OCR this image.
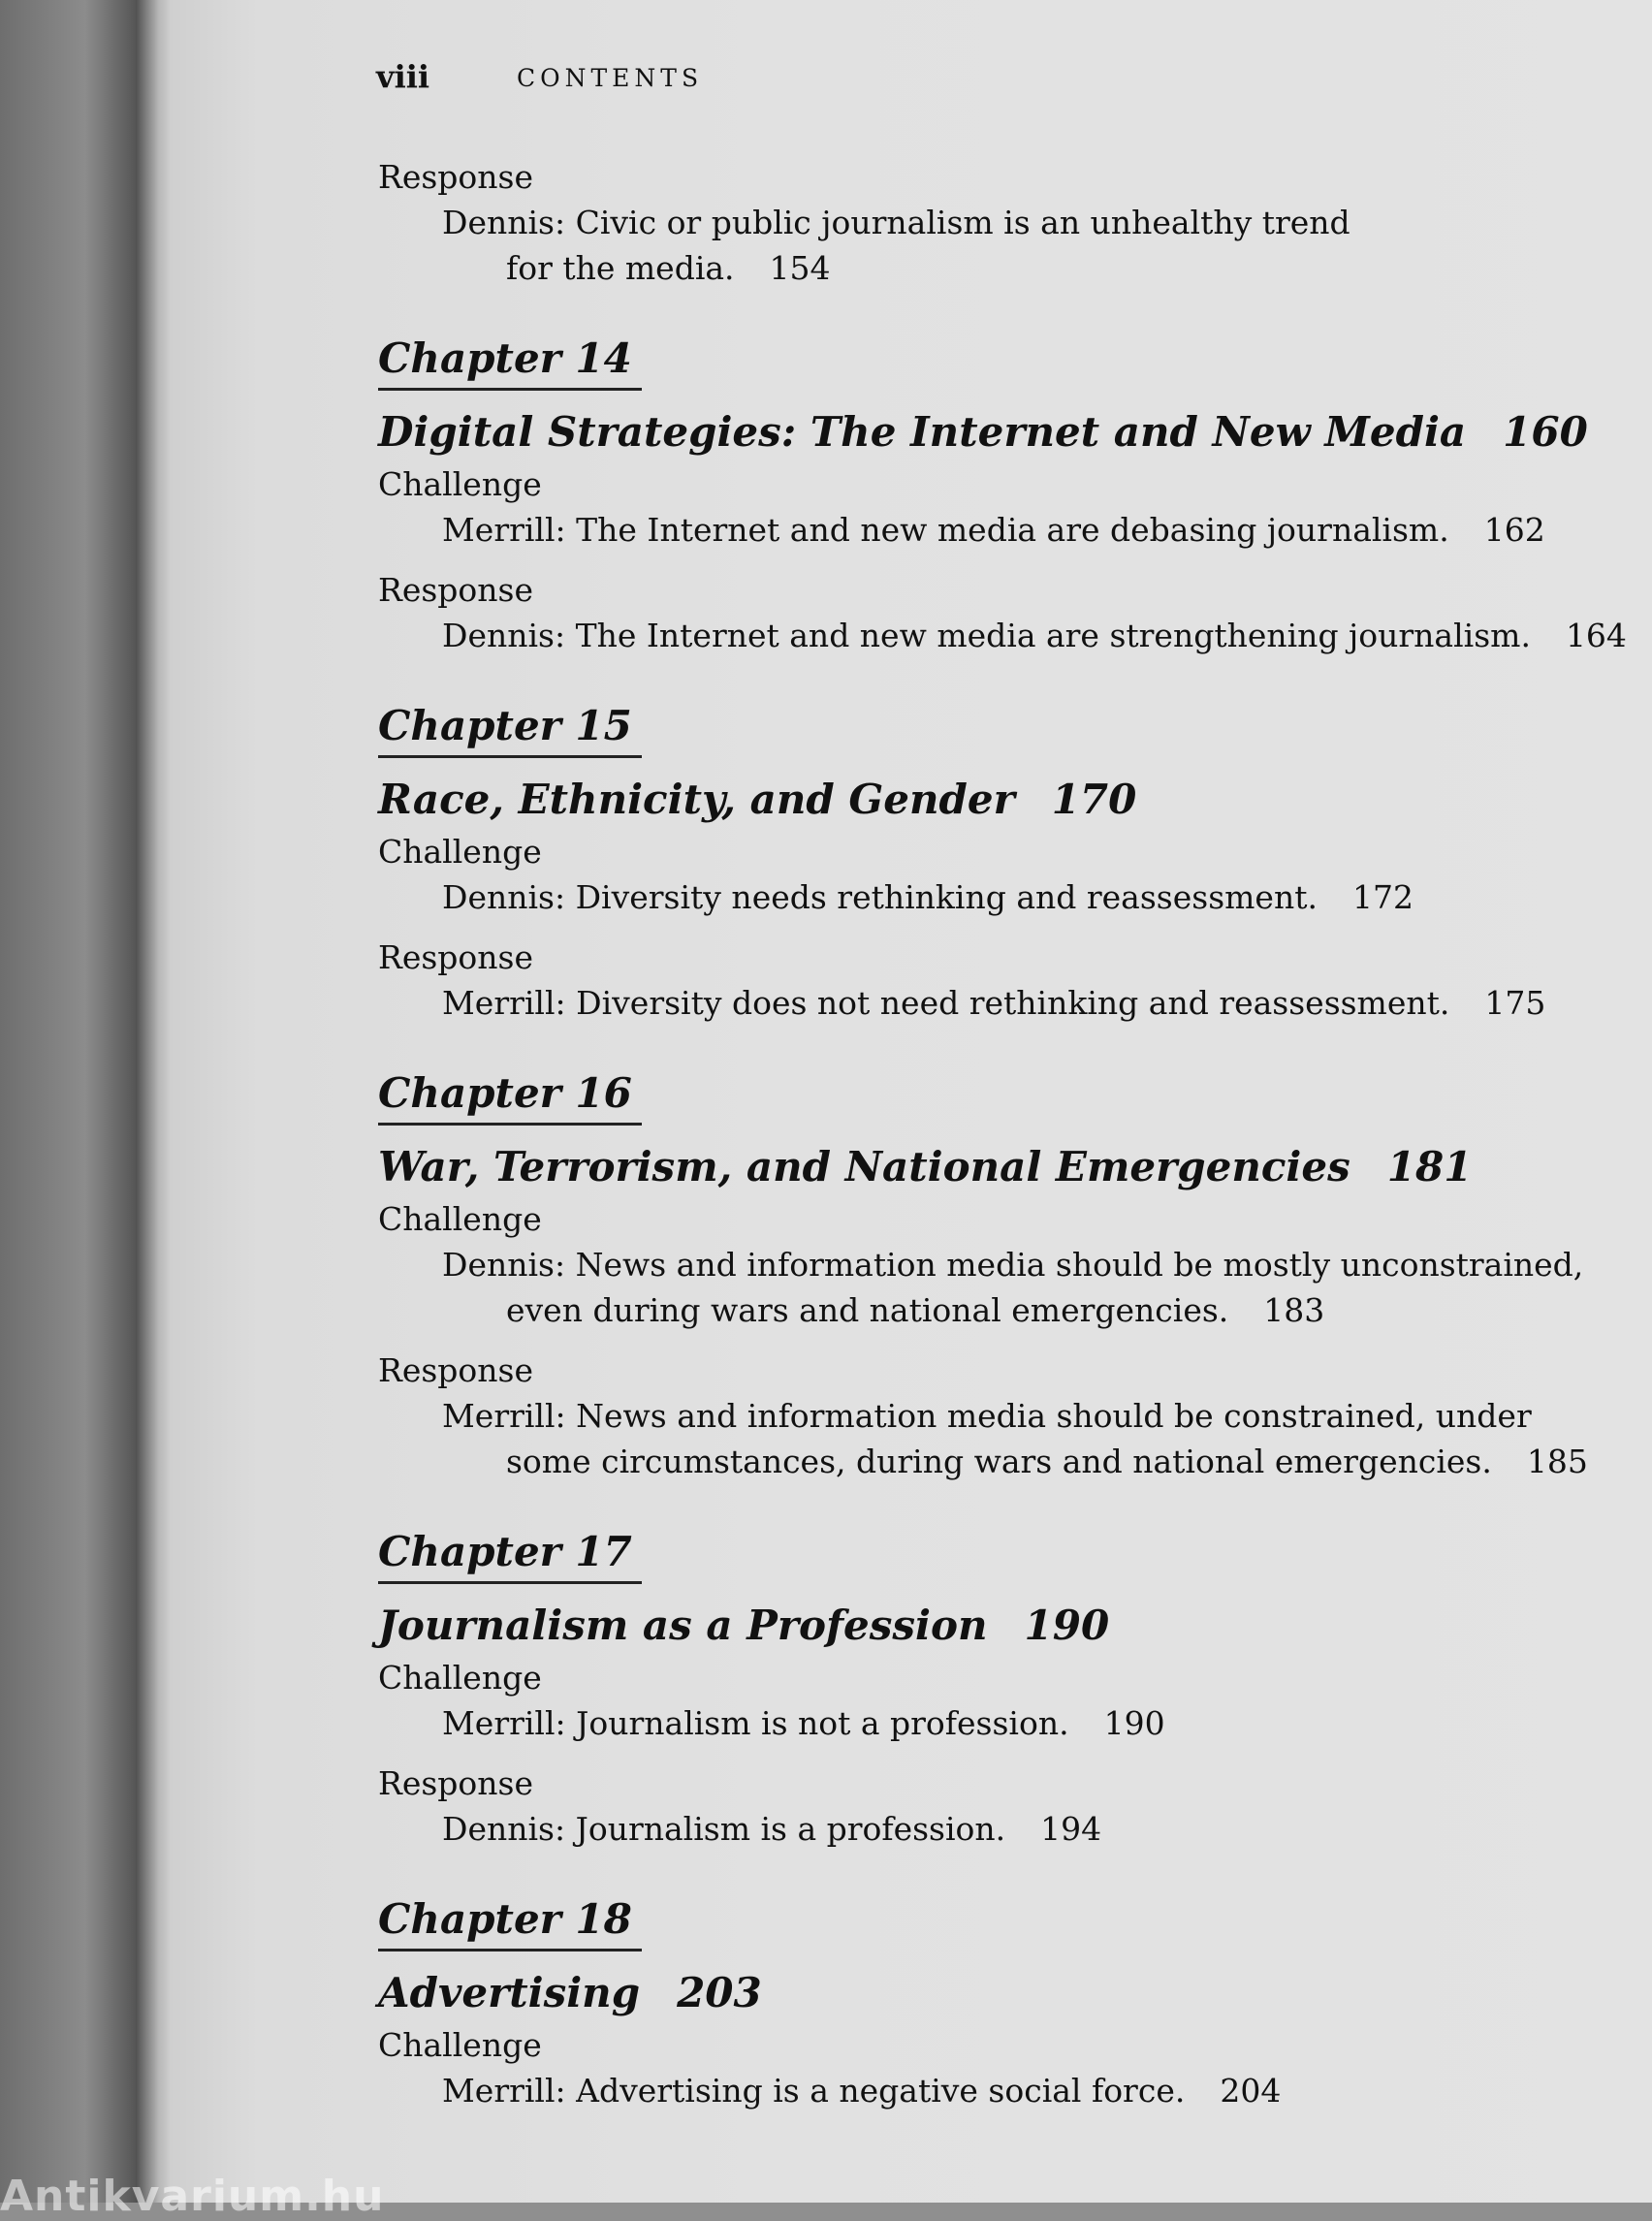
viii	CONTENTS
Response
Dennis: Civic or public journalism is an unhealthy trend
for the media. 154
Chapter 14
Digital Strategies: The Internet and New Media 160
Challenge
Merrill: The Internet and new media are debasing journalism. 162
Response
Dennis: The Internet and new media are strengthening journalism. 164
Chapter 15
Race, Ethnicity, and Gender 170
Challenge
Dennis: Diversity needs rethinking and reassessment. 172
Response
Merrill: Diversity does not need rethinking and reassessment. 175
Chapter 16
War, Terrorism, and National Emergencies 181
Challenge
Dennis: News and information media should be mostly unconstrained,
even during wars and national emergencies. 183
Response
Merrill: News and information media should be constrained, under
some circumstances, during wars and national emergencies. 185
Chapter 17
Journalism as a Profession 190
Challenge
Merrill: Journalism is not a profession. 190
Response
Dennis: Journalism is a profession. 194
Chapter 18
Advertising 203
Challenge
Merrill: Advertising is a negative social force. 204
Antikvarium.hu
